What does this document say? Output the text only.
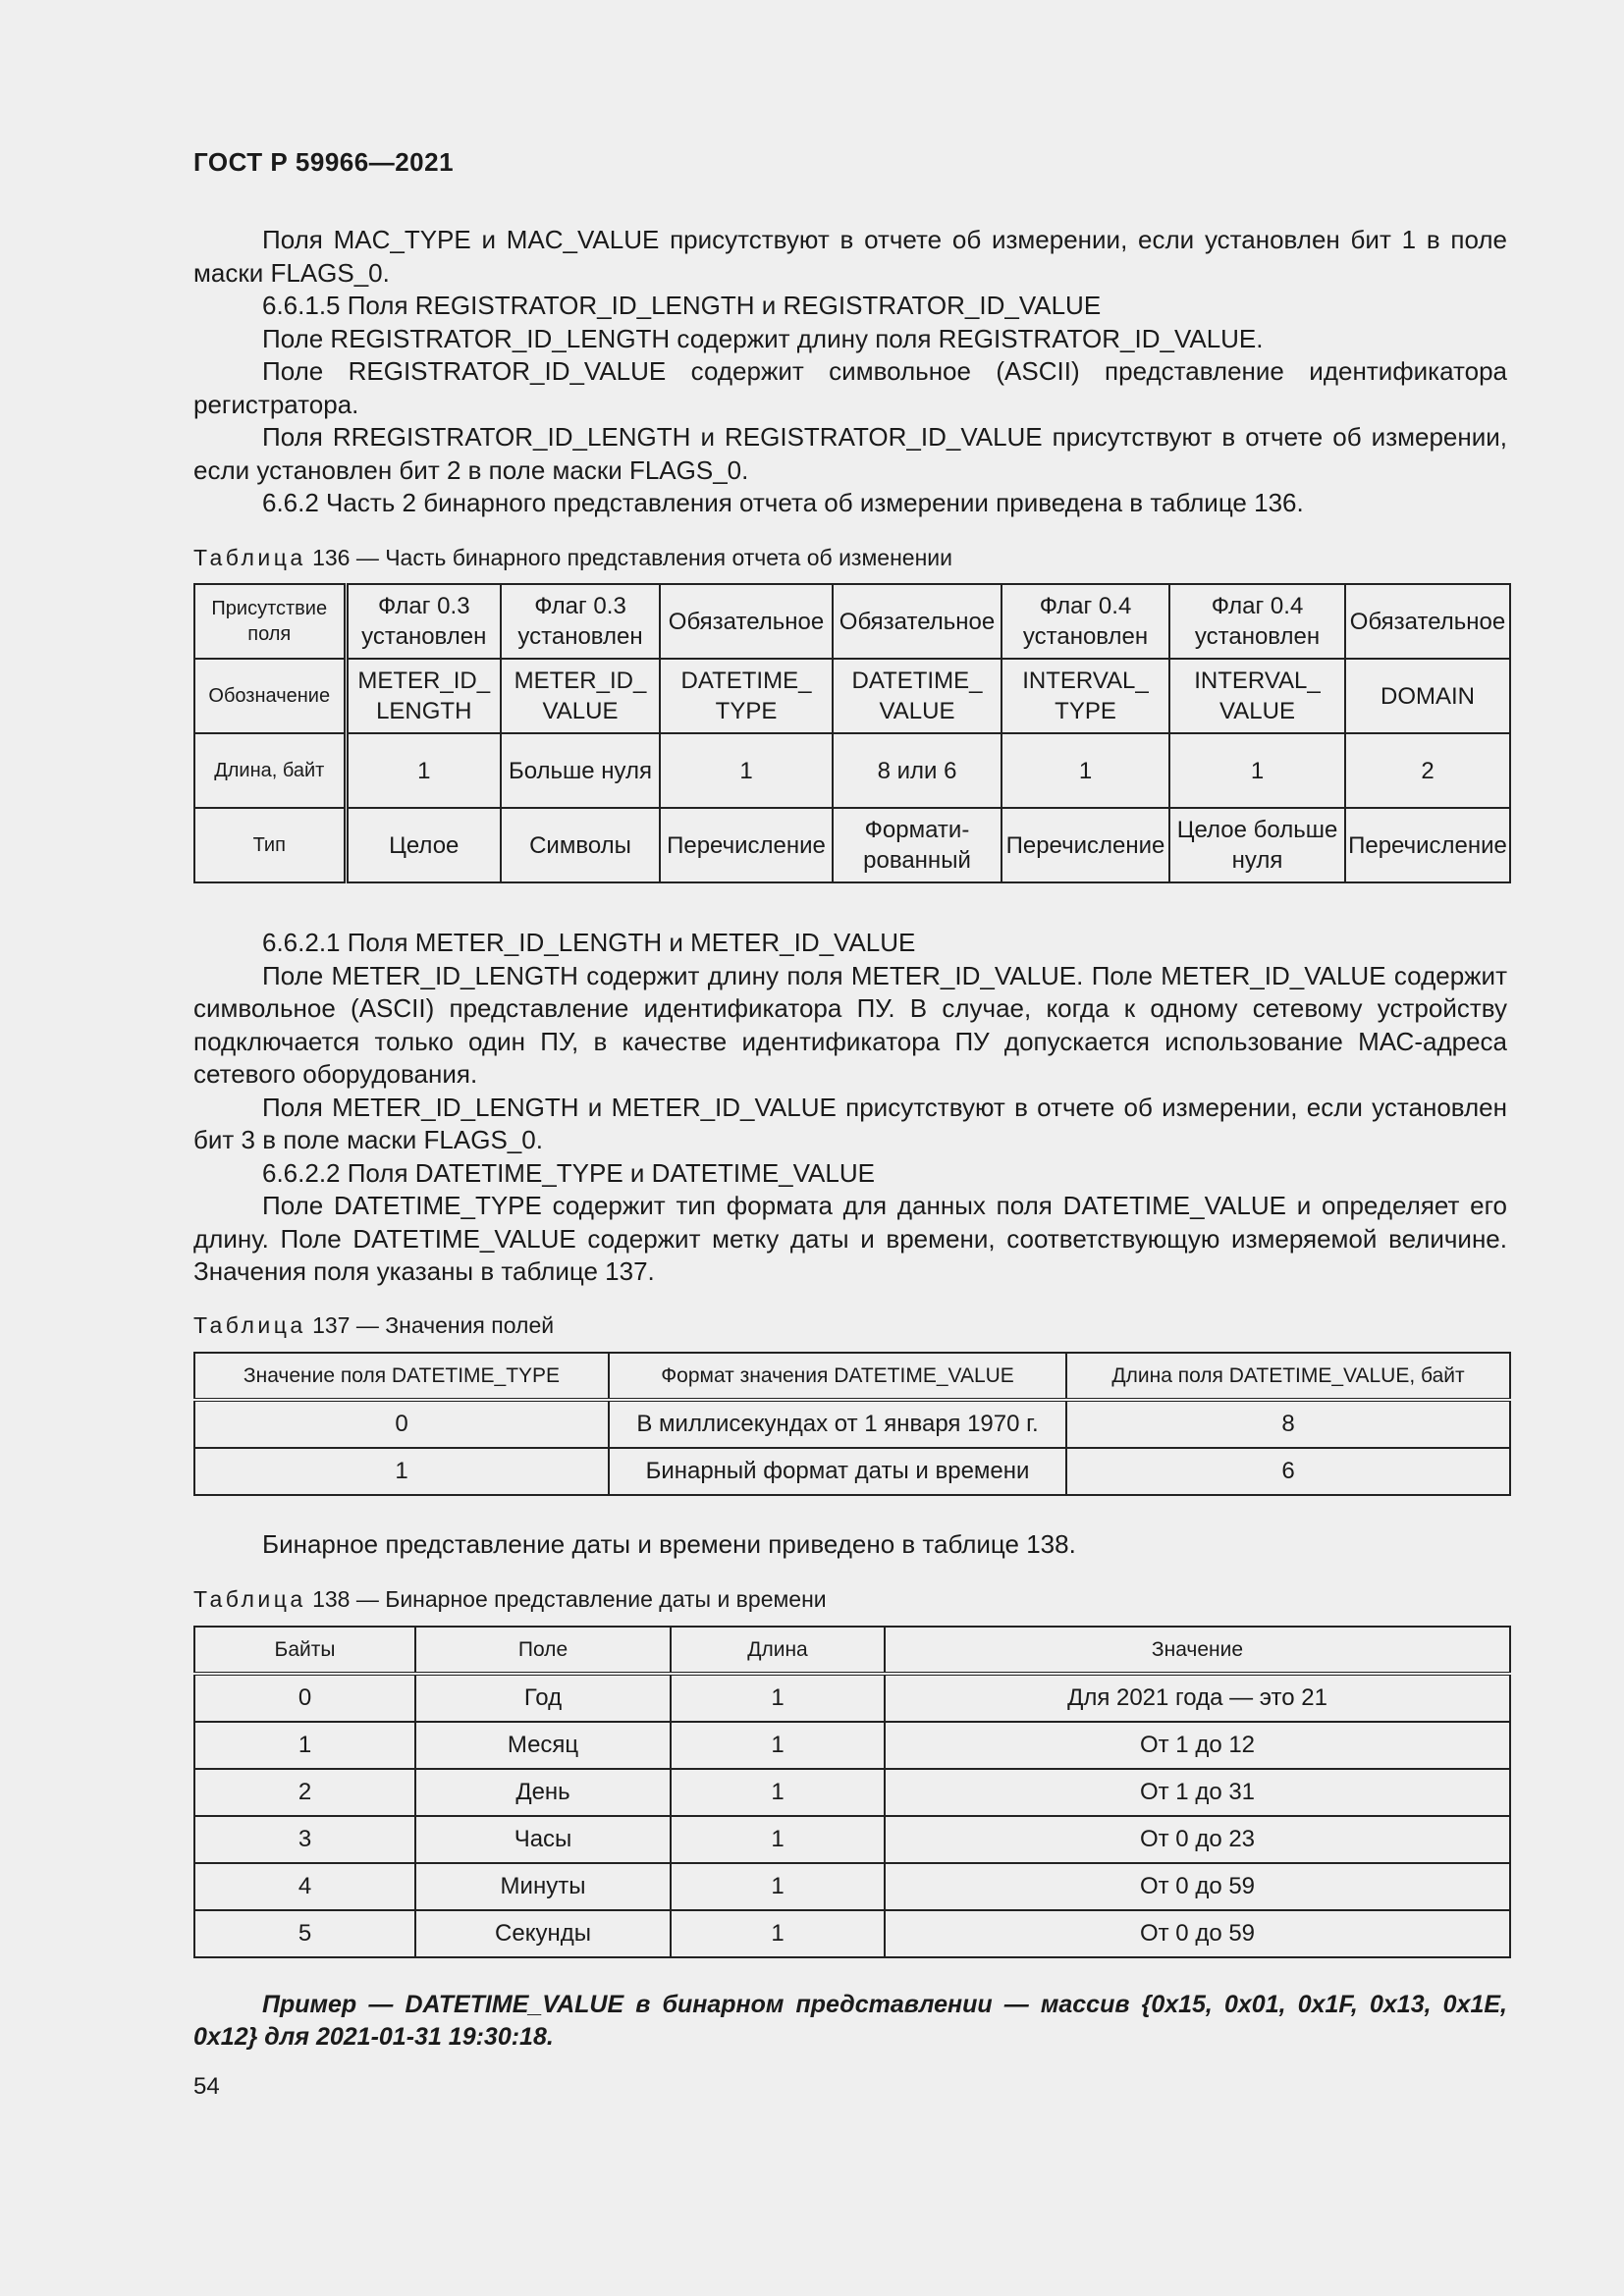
ГОСТ Р 59966—2021

Поля MAC_TYPE и MAC_VALUE присутствуют в отчете об измерении, если установлен бит 1 в поле маски FLAGS_0.

6.6.1.5 Поля REGISTRATOR_ID_LENGTH и REGISTRATOR_ID_VALUE

Поле REGISTRATOR_ID_LENGTH содержит длину поля REGISTRATOR_ID_VALUE.

Поле REGISTRATOR_ID_VALUE содержит символьное (ASCII) представление идентификатора регистратора.

Поля RREGISTRATOR_ID_LENGTH и REGISTRATOR_ID_VALUE присутствуют в отчете об измерении, если установлен бит 2 в поле маски FLAGS_0.

6.6.2 Часть 2 бинарного представления отчета об измерении приведена в таблице 136.

Таблица 136 — Часть бинарного представления отчета об изменении

Присутствие поля	Флаг 0.3 установлен	Флаг 0.3 установлен	Обязательное	Обязательное	Флаг 0.4 установлен	Флаг 0.4 установлен	Обязательное
Обозначение	METER_ID_ LENGTH	METER_ID_ VALUE	DATETIME_ TYPE	DATETIME_ VALUE	INTERVAL_ TYPE	INTERVAL_ VALUE	DOMAIN
Длина, байт	1	Больше нуля	1	8 или 6	1	1	2
Тип	Целое	Символы	Перечисление	Форматированный	Перечисление	Целое больше нуля	Перечисление

6.6.2.1 Поля METER_ID_LENGTH и METER_ID_VALUE

Поле METER_ID_LENGTH содержит длину поля METER_ID_VALUE. Поле METER_ID_VALUE содержит символьное (ASCII) представление идентификатора ПУ. В случае, когда к одному сетевому устройству подключается только один ПУ, в качестве идентификатора ПУ допускается использование МАС-адреса сетевого оборудования.

Поля METER_ID_LENGTH и METER_ID_VALUE присутствуют в отчете об измерении, если установлен бит 3 в поле маски FLAGS_0.

6.6.2.2 Поля DATETIME_TYPE и DATETIME_VALUE

Поле DATETIME_TYPE содержит тип формата для данных поля DATETIME_VALUE и определяет его длину. Поле DATETIME_VALUE содержит метку даты и времени, соответствующую измеряемой величине. Значения поля указаны в таблице 137.

Таблица 137 — Значения полей

Значение поля DATETIME_TYPE	Формат значения DATETIME_VALUE	Длина поля DATETIME_VALUE, байт
0	В миллисекундах от 1 января 1970 г.	8
1	Бинарный формат даты и времени	6

Бинарное представление даты и времени приведено в таблице 138.

Таблица 138 — Бинарное представление даты и времени

Байты	Поле	Длина	Значение
0	Год	1	Для 2021 года — это 21
1	Месяц	1	От 1 до 12
2	День	1	От 1 до 31
3	Часы	1	От 0 до 23
4	Минуты	1	От 0 до 59
5	Секунды	1	От 0 до 59

Пример — DATETIME_VALUE в бинарном представлении — массив {0x15, 0x01, 0x1F, 0x13, 0x1E, 0x12} для 2021-01-31 19:30:18.

54
